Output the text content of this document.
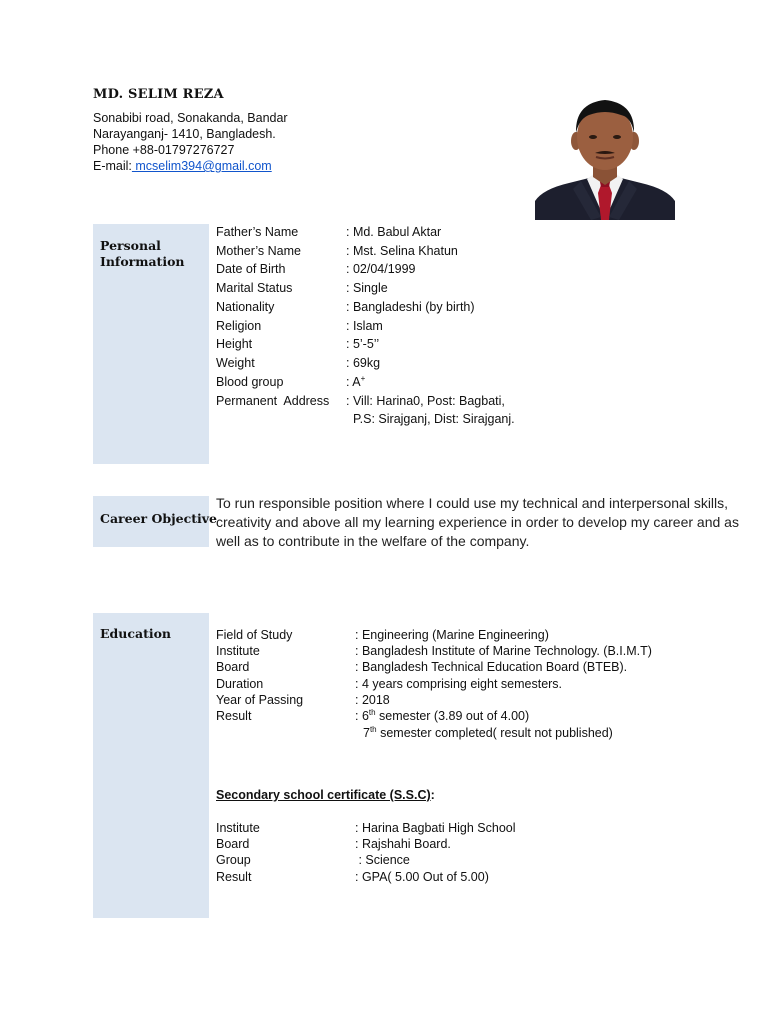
MD. SELIM REZA
Sonabibi road, Sonakanda, Bandar
Narayanganj- 1410, Bangladesh.
Phone +88-01797276727
E-mail: mcselim394@gmail.com
Personal Information
Father’s Name	: Md. Babul Aktar
Mother’s Name	: Mst. Selina Khatun
Date of Birth	: 02/04/1999
Marital Status	: Single
Nationality	: Bangladeshi (by birth)
Religion	: Islam
Height	: 5’-5’’
Weight	: 69kg
Blood group	: A+
Permanent  Address : Vill: Harina0, Post: Bagbati,
P.S: Sirajganj, Dist: Sirajganj.
Career Objective
To run responsible position where I could use my technical and interpersonal skills, creativity and above all my learning experience in order to develop my career and as well as to contribute in the welfare of the company.
Education	Field of Study	: Engineering (Marine Engineering)
Institute	: Bangladesh Institute of Marine Technology. (B.I.M.T)
Board	: Bangladesh Technical Education Board (BTEB).
Duration	: 4 years comprising eight semesters.
Year of Passing	: 2018
Result	: 6th semester (3.89 out of 4.00)
7th semester completed( result not published)
Secondary school certificate (S.S.C):
Institute	: Harina Bagbati High School
Board	: Rajshahi Board.
Group	: Science
Result	: GPA( 5.00 Out of 5.00)
